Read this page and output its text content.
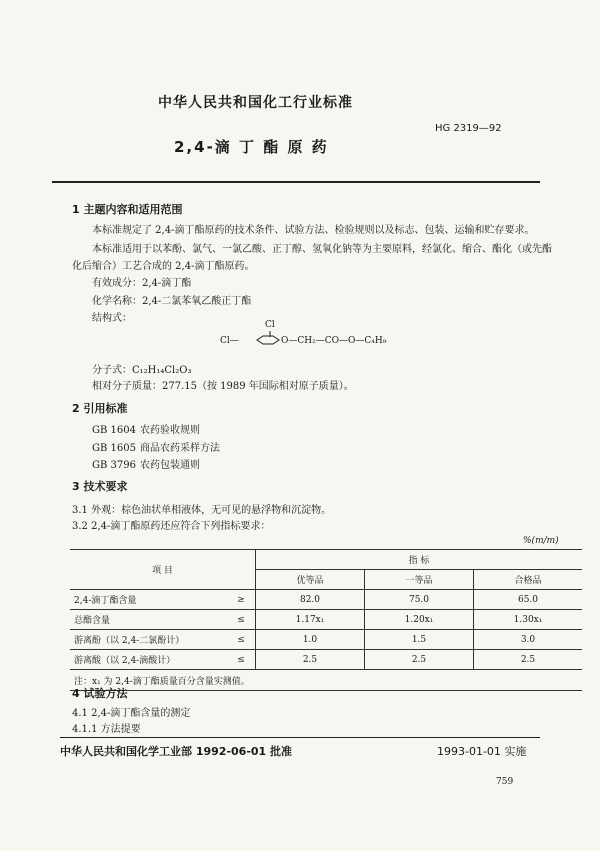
中华人民共和国化工行业标准
HG 2319—92
2,4-滴 丁 酯 原 药
1 主题内容和适用范围
本标准规定了 2,4-滴丁酯原药的技术条件、试验方法、检验规则以及标志、包装、运输和贮存要求。
本标准适用于以苯酚、氯气、一氯乙酸、正丁醇、氢氧化钠等为主要原料，经氯化、缩合、酯化（或先酯
化后缩合）工艺合成的 2,4-滴丁酯原药。
有效成分：2,4-滴丁酯
化学名称：2,4-二氯苯氧乙酸正丁酯
结构式：
Cl
Cl—	O—CH₂—CO—O—C₄H₉
分子式：C₁₂H₁₄Cl₂O₃
相对分子质量：277.15（按 1989 年国际相对原子质量）。
2 引用标准
GB 1604 农药验收规则
GB 1605 商品农药采样方法
GB 3796 农药包装通则
3 技术要求
3.1 外观：棕色油状单相液体，无可见的悬浮物和沉淀物。
3.2 2,4-滴丁酯原药还应符合下列指标要求：
%(m/m)
项 目		指 标		
		优等品	一等品	合格品
2,4-滴丁酯含量	≥	82.0	75.0	65.0
总酯含量	≤	1.17x₁	1.20x₁	1.30x₁
游离酚（以 2,4-二氯酚计）	≤	1.0	1.5	3.0
游离酸（以 2,4-滴酸计）	≤	2.5	2.5	2.5
注：x₁ 为 2,4-滴丁酯质量百分含量实测值。				
4 试验方法
4.1 2,4-滴丁酯含量的测定
4.1.1 方法提要
中华人民共和国化学工业部 1992-06-01 批准	1993-01-01 实施
759
